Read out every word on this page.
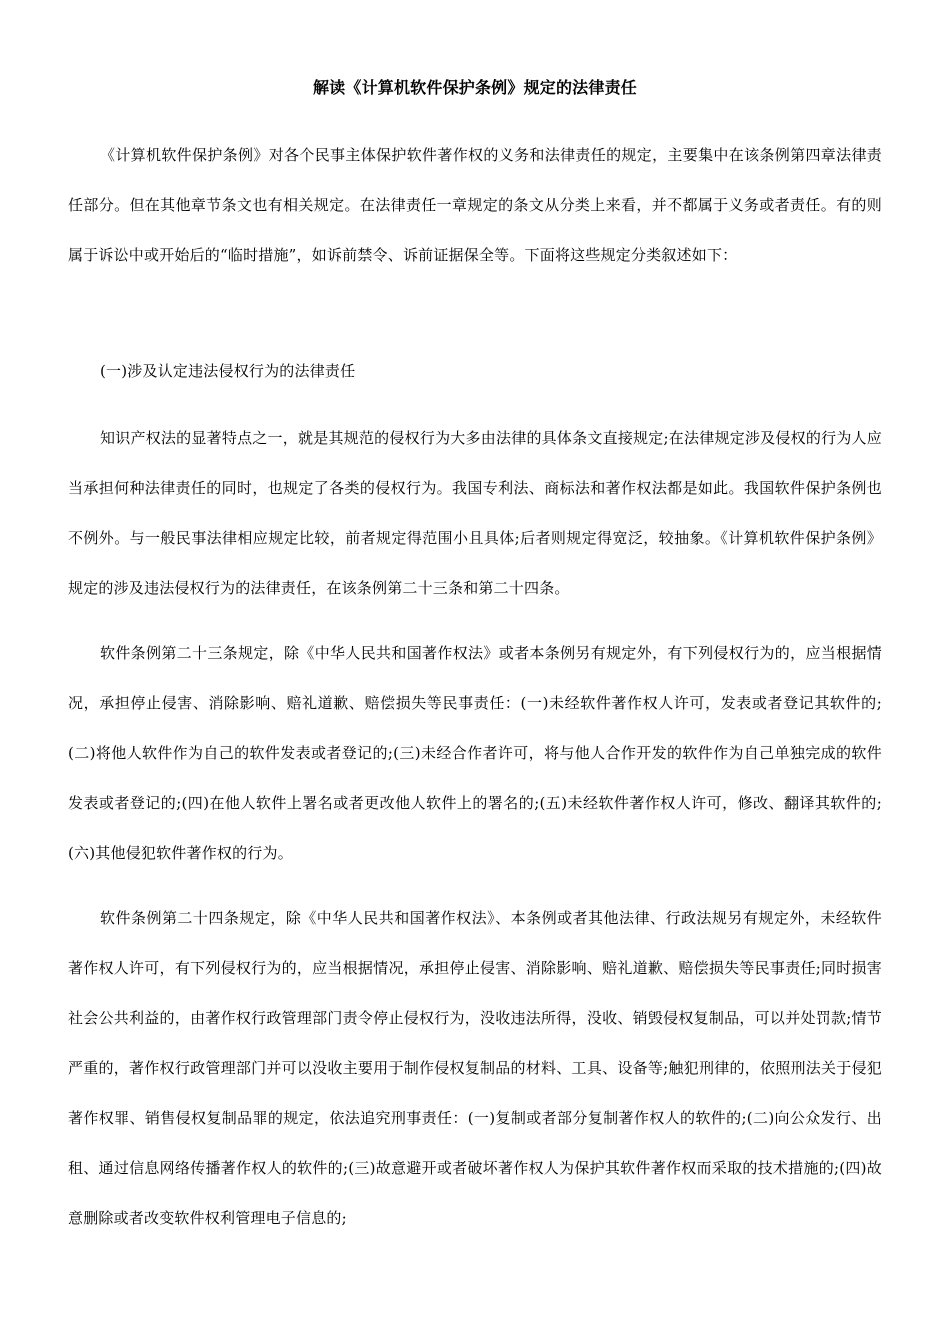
解读《计算机软件保护条例》规定的法律责任

《计算机软件保护条例》对各个民事主体保护软件著作权的义务和法律责任的规定，主要集中在该条例第四章法律责任部分。但在其他章节条文也有相关规定。在法律责任一章规定的条文从分类上来看，并不都属于义务或者责任。有的则属于诉讼中或开始后的“临时措施”，如诉前禁令、诉前证据保全等。下面将这些规定分类叙述如下：

(一)涉及认定违法侵权行为的法律责任

知识产权法的显著特点之一，就是其规范的侵权行为大多由法律的具体条文直接规定;在法律规定涉及侵权的行为人应当承担何种法律责任的同时，也规定了各类的侵权行为。我国专利法、商标法和著作权法都是如此。我国软件保护条例也不例外。与一般民事法律相应规定比较，前者规定得范围小且具体;后者则规定得宽泛，较抽象。《计算机软件保护条例》规定的涉及违法侵权行为的法律责任，在该条例第二十三条和第二十四条。

软件条例第二十三条规定，除《中华人民共和国著作权法》或者本条例另有规定外，有下列侵权行为的，应当根据情况，承担停止侵害、消除影响、赔礼道歉、赔偿损失等民事责任：(一)未经软件著作权人许可，发表或者登记其软件的;(二)将他人软件作为自己的软件发表或者登记的;(三)未经合作者许可，将与他人合作开发的软件作为自己单独完成的软件发表或者登记的;(四)在他人软件上署名或者更改他人软件上的署名的;(五)未经软件著作权人许可，修改、翻译其软件的;(六)其他侵犯软件著作权的行为。

软件条例第二十四条规定，除《中华人民共和国著作权法》、本条例或者其他法律、行政法规另有规定外，未经软件著作权人许可，有下列侵权行为的，应当根据情况，承担停止侵害、消除影响、赔礼道歉、赔偿损失等民事责任;同时损害社会公共利益的，由著作权行政管理部门责令停止侵权行为，没收违法所得，没收、销毁侵权复制品，可以并处罚款;情节严重的，著作权行政管理部门并可以没收主要用于制作侵权复制品的材料、工具、设备等;触犯刑律的，依照刑法关于侵犯著作权罪、销售侵权复制品罪的规定，依法追究刑事责任：(一)复制或者部分复制著作权人的软件的;(二)向公众发行、出租、通过信息网络传播著作权人的软件的;(三)故意避开或者破坏著作权人为保护其软件著作权而采取的技术措施的;(四)故意删除或者改变软件权利管理电子信息的;
